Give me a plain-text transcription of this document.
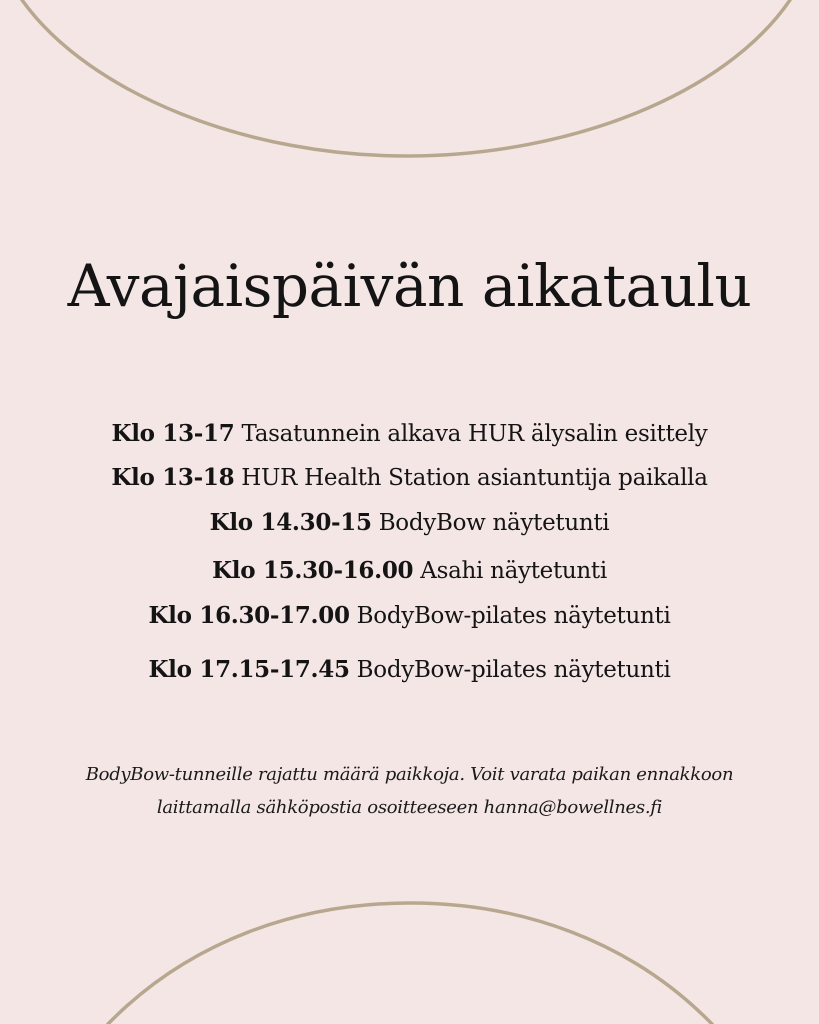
Avajaispäivän aikataulu
Klo 13-17 Tasatunnein alkava HUR älysalin esittely
Klo 13-18 HUR Health Station asiantuntija paikalla
Klo 14.30-15 BodyBow näytetunti
Klo 15.30-16.00 Asahi näytetunti
Klo 16.30-17.00 BodyBow-pilates näytetunti
Klo 17.15-17.45 BodyBow-pilates näytetunti
BodyBow-tunneille rajattu määrä paikkoja. Voit varata paikan ennakkoon
laittamalla sähköpostia osoitteeseen hanna@bowellnes.fi
